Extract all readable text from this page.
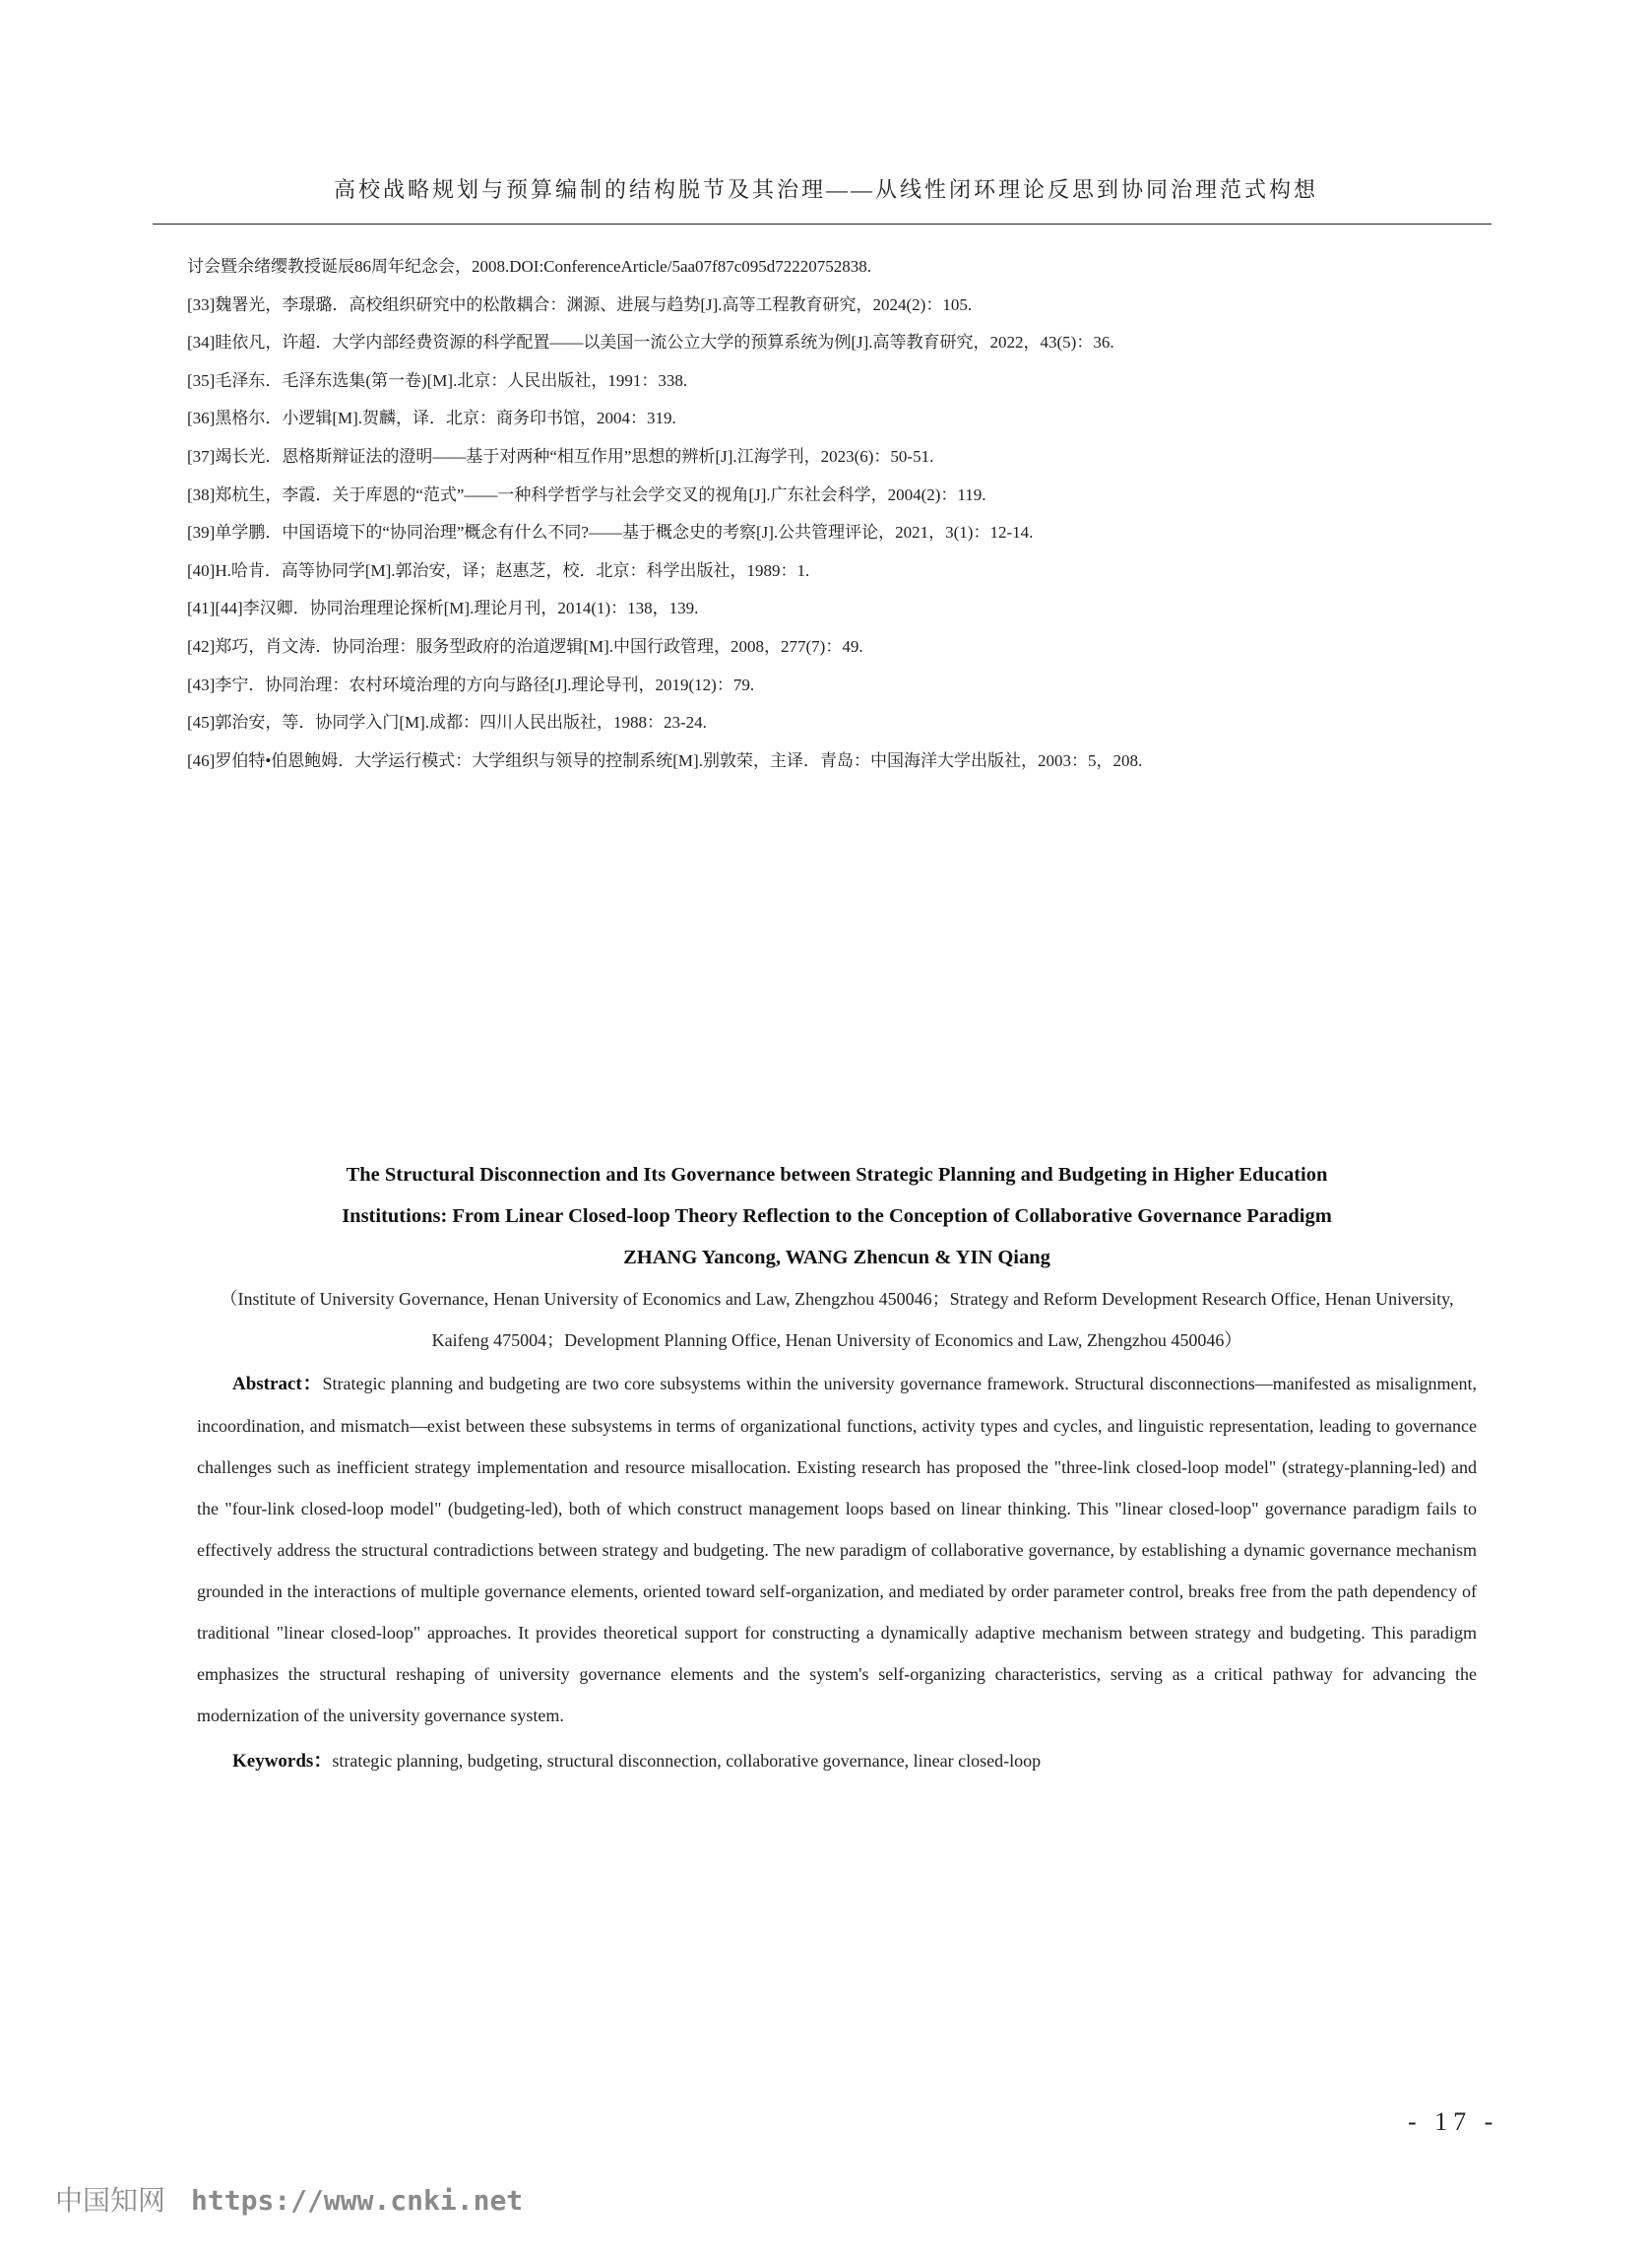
高校战略规划与预算编制的结构脱节及其治理——从线性闭环理论反思到协同治理范式构想
讨会暨余绪缨教授诞辰86周年纪念会，2008.DOI:ConferenceArticle/5aa07f87c095d72220752838.
[33]魏署光，李璟璐．高校组织研究中的松散耦合：渊源、进展与趋势[J].高等工程教育研究，2024(2)：105.
[34]眭依凡，许超．大学内部经费资源的科学配置——以美国一流公立大学的预算系统为例[J].高等教育研究，2022，43(5)：36.
[35]毛泽东．毛泽东选集(第一卷)[M].北京：人民出版社，1991：338.
[36]黑格尔．小逻辑[M].贺麟，译．北京：商务印书馆，2004：319.
[37]竭长光．恩格斯辩证法的澄明——基于对两种“相互作用”思想的辨析[J].江海学刊，2023(6)：50-51.
[38]郑杭生，李霞．关于库恩的“范式”——一种科学哲学与社会学交叉的视角[J].广东社会科学，2004(2)：119.
[39]单学鹏．中国语境下的“协同治理”概念有什么不同?——基于概念史的考察[J].公共管理评论，2021，3(1)：12-14.
[40]H.哈肯．高等协同学[M].郭治安，译；赵惠芝，校．北京：科学出版社，1989：1.
[41][44]李汉卿．协同治理理论探析[M].理论月刊，2014(1)：138，139.
[42]郑巧，肖文涛．协同治理：服务型政府的治道逻辑[M].中国行政管理，2008，277(7)：49.
[43]李宁．协同治理：农村环境治理的方向与路径[J].理论导刊，2019(12)：79.
[45]郭治安，等．协同学入门[M].成都：四川人民出版社，1988：23-24.
[46]罗伯特•伯恩鲍姆．大学运行模式：大学组织与领导的控制系统[M].别敦荣，主译．青岛：中国海洋大学出版社，2003：5，208.
The Structural Disconnection and Its Governance between Strategic Planning and Budgeting in Higher Education
Institutions: From Linear Closed-loop Theory Reflection to the Conception of Collaborative Governance Paradigm
ZHANG Yancong, WANG Zhencun & YIN Qiang
（Institute of University Governance, Henan University of Economics and Law, Zhengzhou 450046；Strategy and Reform Development Research Office, Henan University, Kaifeng 475004；Development Planning Office, Henan University of Economics and Law, Zhengzhou 450046）
Abstract：Strategic planning and budgeting are two core subsystems within the university governance framework. Structural disconnections—manifested as misalignment, incoordination, and mismatch—exist between these subsystems in terms of organizational functions, activity types and cycles, and linguistic representation, leading to governance challenges such as inefficient strategy implementation and resource misallocation. Existing research has proposed the "three-link closed-loop model" (strategy-planning-led) and the "four-link closed-loop model" (budgeting-led), both of which construct management loops based on linear thinking. This "linear closed-loop" governance paradigm fails to effectively address the structural contradictions between strategy and budgeting. The new paradigm of collaborative governance, by establishing a dynamic governance mechanism grounded in the interactions of multiple governance elements, oriented toward self-organization, and mediated by order parameter control, breaks free from the path dependency of traditional "linear closed-loop" approaches. It provides theoretical support for constructing a dynamically adaptive mechanism between strategy and budgeting. This paradigm emphasizes the structural reshaping of university governance elements and the system's self-organizing characteristics, serving as a critical pathway for advancing the modernization of the university governance system.
Keywords：strategic planning, budgeting, structural disconnection, collaborative governance, linear closed-loop
- 17 -
中国知网 https://www.cnki.net
